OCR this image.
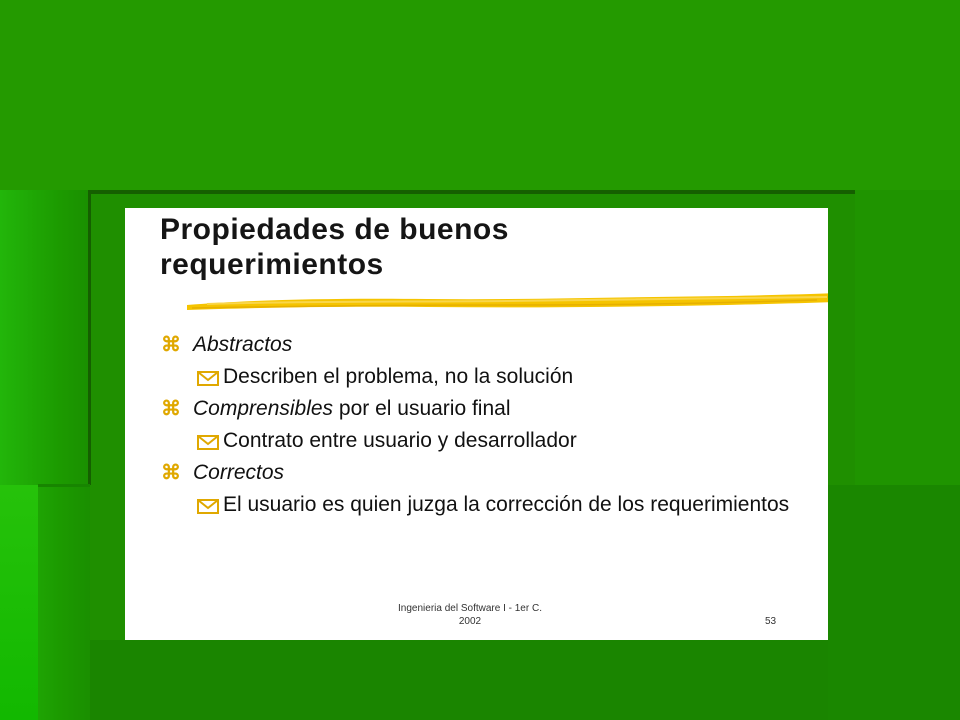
Propiedades de buenos
requerimientos
⌘ Abstractos
Describen el problema, no la solución
⌘ Comprensibles por el usuario final
Contrato entre usuario y desarrollador
⌘ Correctos
El usuario es quien juzga la corrección de los requerimientos
Ingenieria del Software I - 1er C.
2002	53
